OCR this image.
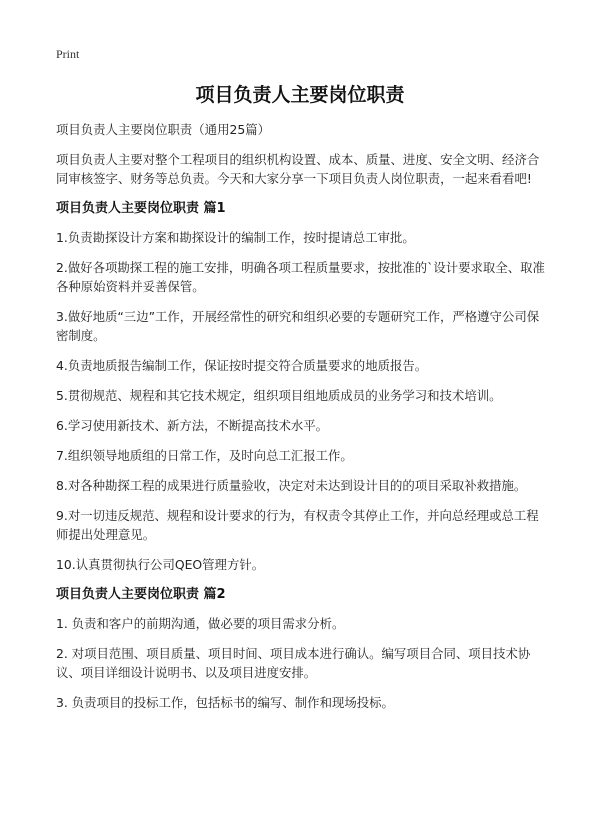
Print
项目负责人主要岗位职责

项目负责人主要岗位职责（通用25篇）

项目负责人主要对整个工程项目的组织机构设置、成本、质量、进度、安全文明、经济合同审核签字、财务等总负责。今天和大家分享一下项目负责人岗位职责，一起来看看吧!

项目负责人主要岗位职责 篇1

1.负责勘探设计方案和勘探设计的编制工作，按时提请总工审批。

2.做好各项勘探工程的施工安排，明确各项工程质量要求，按批准的`设计要求取全、取准各种原始资料并妥善保管。

3.做好地质“三边”工作，开展经常性的研究和组织必要的专题研究工作，严格遵守公司保密制度。

4.负责地质报告编制工作，保证按时提交符合质量要求的地质报告。

5.贯彻规范、规程和其它技术规定，组织项目组地质成员的业务学习和技术培训。

6.学习使用新技术、新方法，不断提高技术水平。

7.组织领导地质组的日常工作，及时向总工汇报工作。

8.对各种勘探工程的成果进行质量验收，决定对未达到设计目的的项目采取补救措施。

9.对一切违反规范、规程和设计要求的行为，有权责令其停止工作，并向总经理或总工程师提出处理意见。

10.认真贯彻执行公司QEO管理方针。

项目负责人主要岗位职责 篇2

1. 负责和客户的前期沟通，做必要的项目需求分析。

2. 对项目范围、项目质量、项目时间、项目成本进行确认。编写项目合同、项目技术协议、项目详细设计说明书、以及项目进度安排。

3. 负责项目的投标工作，包括标书的编写、制作和现场投标。
